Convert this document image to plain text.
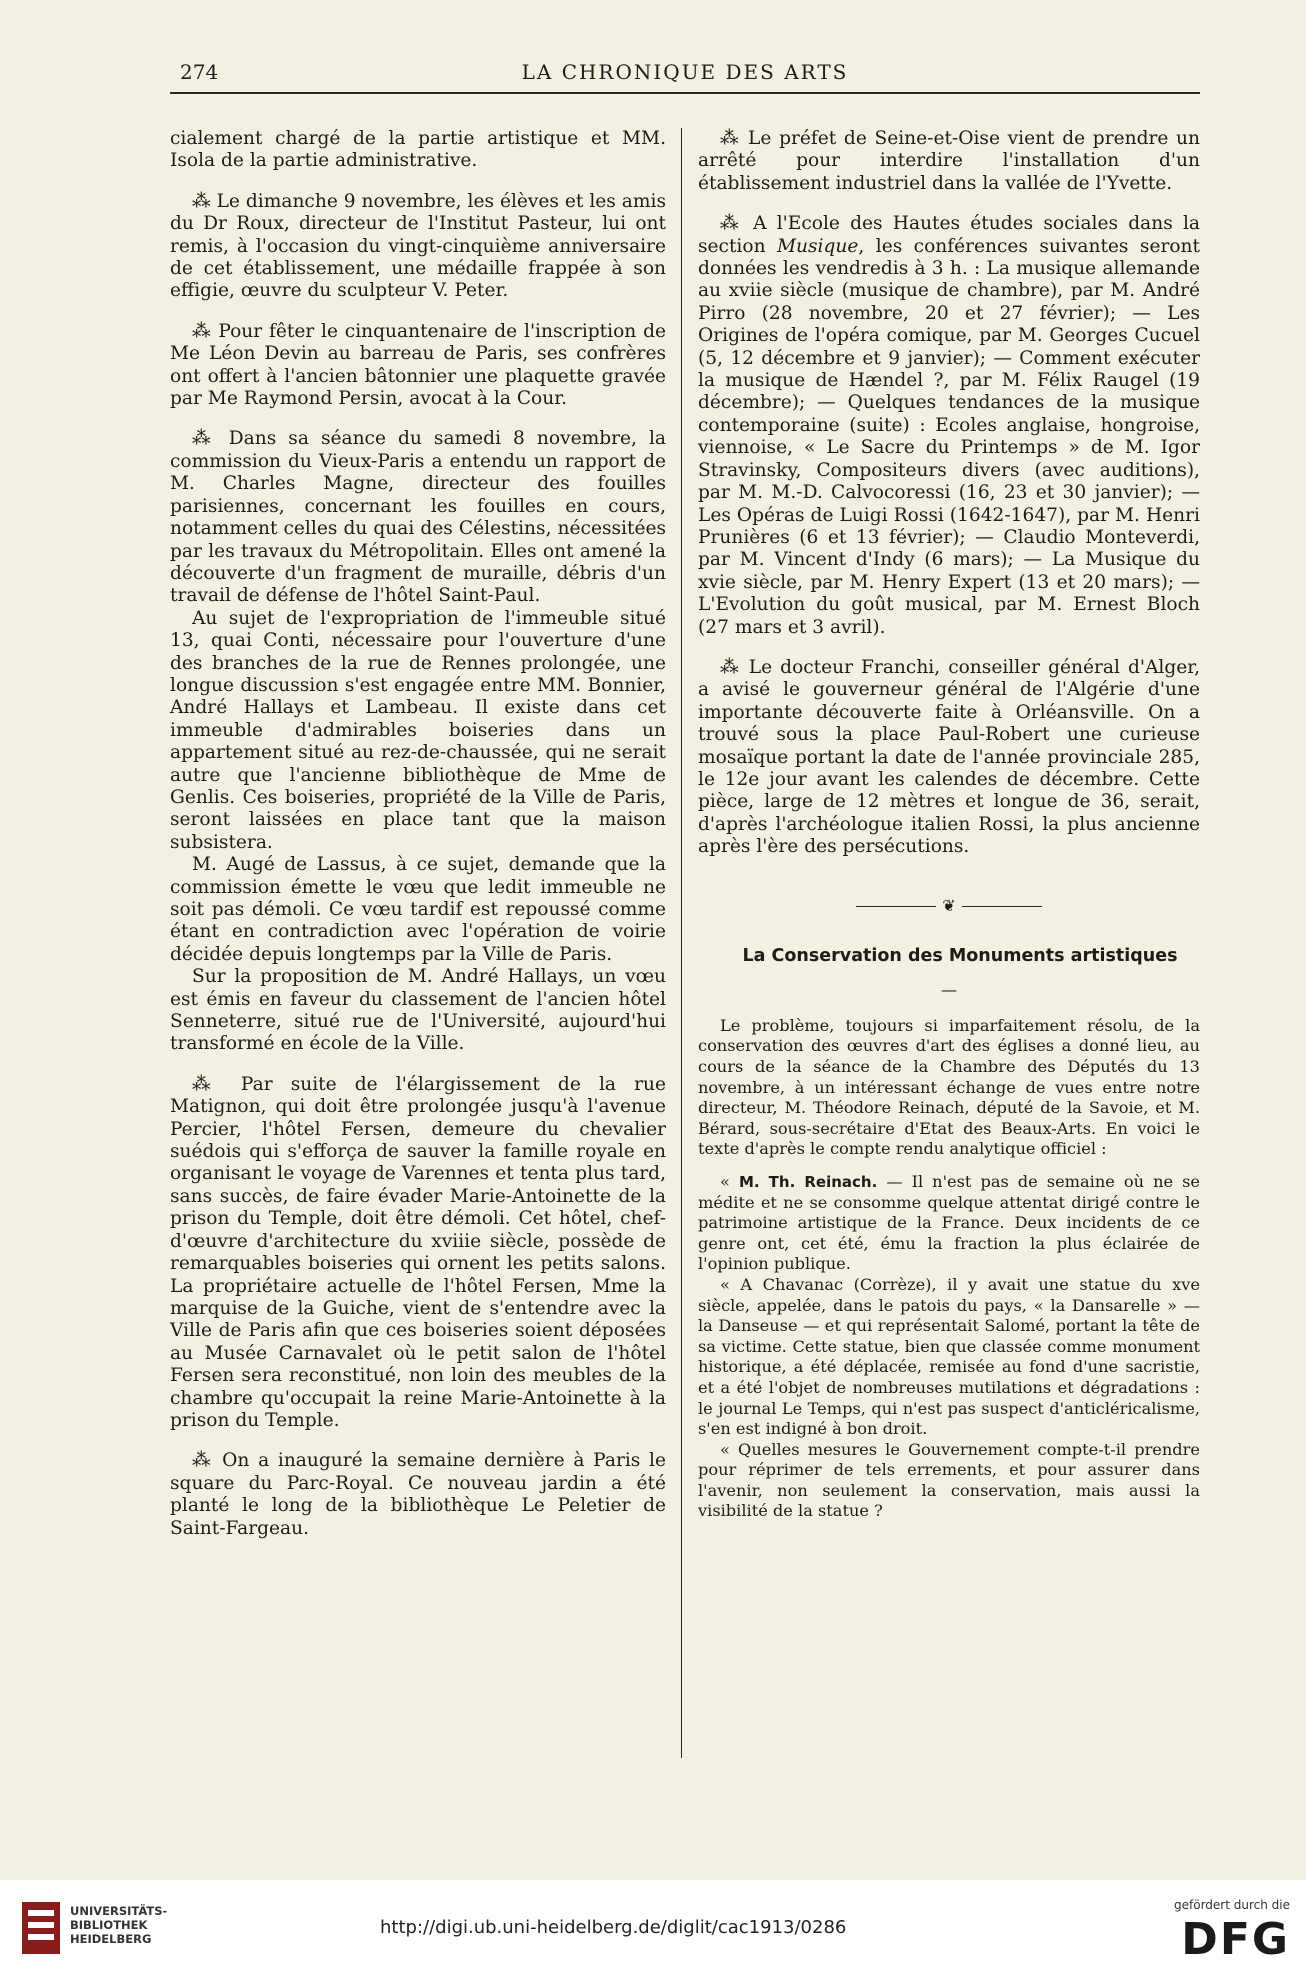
274	LA CHRONIQUE DES ARTS

cialement chargé de la partie artistique et MM. Isola de la partie administrative.

⁂ Le dimanche 9 novembre, les élèves et les amis du Dr Roux, directeur de l'Institut Pasteur, lui ont remis, à l'occasion du vingt-cinquième anniversaire de cet établissement, une médaille frappée à son effigie, œuvre du sculpteur V. Peter.

⁂ Pour fêter le cinquantenaire de l'inscription de Me Léon Devin au barreau de Paris, ses confrères ont offert à l'ancien bâtonnier une plaquette gravée par Me Raymond Persin, avocat à la Cour.

⁂ Dans sa séance du samedi 8 novembre, la commission du Vieux-Paris a entendu un rapport de M. Charles Magne, directeur des fouilles parisiennes, concernant les fouilles en cours, notamment celles du quai des Célestins, nécessitées par les travaux du Métropolitain. Elles ont amené la découverte d'un fragment de muraille, débris d'un travail de défense de l'hôtel Saint-Paul.

Au sujet de l'expropriation de l'immeuble situé 13, quai Conti, nécessaire pour l'ouverture d'une des branches de la rue de Rennes prolongée, une longue discussion s'est engagée entre MM. Bonnier, André Hallays et Lambeau. Il existe dans cet immeuble d'admirables boiseries dans un appartement situé au rez-de-chaussée, qui ne serait autre que l'ancienne bibliothèque de Mme de Genlis. Ces boiseries, propriété de la Ville de Paris, seront laissées en place tant que la maison subsistera.

M. Augé de Lassus, à ce sujet, demande que la commission émette le vœu que ledit immeuble ne soit pas démoli. Ce vœu tardif est repoussé comme étant en contradiction avec l'opération de voirie décidée depuis longtemps par la Ville de Paris.

Sur la proposition de M. André Hallays, un vœu est émis en faveur du classement de l'ancien hôtel Senneterre, situé rue de l'Université, aujourd'hui transformé en école de la Ville.

⁂ Par suite de l'élargissement de la rue Matignon, qui doit être prolongée jusqu'à l'avenue Percier, l'hôtel Fersen, demeure du chevalier suédois qui s'efforça de sauver la famille royale en organisant le voyage de Varennes et tenta plus tard, sans succès, de faire évader Marie-Antoinette de la prison du Temple, doit être démoli. Cet hôtel, chef-d'œuvre d'architecture du xviiie siècle, possède de remarquables boiseries qui ornent les petits salons. La propriétaire actuelle de l'hôtel Fersen, Mme la marquise de la Guiche, vient de s'entendre avec la Ville de Paris afin que ces boiseries soient déposées au Musée Carnavalet où le petit salon de l'hôtel Fersen sera reconstitué, non loin des meubles de la chambre qu'occupait la reine Marie-Antoinette à la prison du Temple.

⁂ On a inauguré la semaine dernière à Paris le square du Parc-Royal. Ce nouveau jardin a été planté le long de la bibliothèque Le Peletier de Saint-Fargeau.

⁂ Le préfet de Seine-et-Oise vient de prendre un arrêté pour interdire l'installation d'un établissement industriel dans la vallée de l'Yvette.

⁂ A l'Ecole des Hautes études sociales dans la section Musique, les conférences suivantes seront données les vendredis à 3 h. : La musique allemande au xviie siècle (musique de chambre), par M. André Pirro (28 novembre, 20 et 27 février); — Les Origines de l'opéra comique, par M. Georges Cucuel (5, 12 décembre et 9 janvier); — Comment exécuter la musique de Hændel ?, par M. Félix Raugel (19 décembre); — Quelques tendances de la musique contemporaine (suite) : Ecoles anglaise, hongroise, viennoise, « Le Sacre du Printemps » de M. Igor Stravinsky, Compositeurs divers (avec auditions), par M. M.-D. Calvocoressi (16, 23 et 30 janvier); — Les Opéras de Luigi Rossi (1642-1647), par M. Henri Prunières (6 et 13 février); — Claudio Monteverdi, par M. Vincent d'Indy (6 mars); — La Musique du xvie siècle, par M. Henry Expert (13 et 20 mars); — L'Evolution du goût musical, par M. Ernest Bloch (27 mars et 3 avril).

⁂ Le docteur Franchi, conseiller général d'Alger, a avisé le gouverneur général de l'Algérie d'une importante découverte faite à Orléansville. On a trouvé sous la place Paul-Robert une curieuse mosaïque portant la date de l'année provinciale 285, le 12e jour avant les calendes de décembre. Cette pièce, large de 12 mètres et longue de 36, serait, d'après l'archéologue italien Rossi, la plus ancienne après l'ère des persécutions.

❦

La Conservation des Monuments artistiques

—

Le problème, toujours si imparfaitement résolu, de la conservation des œuvres d'art des églises a donné lieu, au cours de la séance de la Chambre des Députés du 13 novembre, à un intéressant échange de vues entre notre directeur, M. Théodore Reinach, député de la Savoie, et M. Bérard, sous-secrétaire d'Etat des Beaux-Arts. En voici le texte d'après le compte rendu analytique officiel :

« M. Th. Reinach. — Il n'est pas de semaine où ne se médite et ne se consomme quelque attentat dirigé contre le patrimoine artistique de la France. Deux incidents de ce genre ont, cet été, ému la fraction la plus éclairée de l'opinion publique.

« A Chavanac (Corrèze), il y avait une statue du xve siècle, appelée, dans le patois du pays, « la Dansarelle » — la Danseuse — et qui représentait Salomé, portant la tête de sa victime. Cette statue, bien que classée comme monument historique, a été déplacée, remisée au fond d'une sacristie, et a été l'objet de nombreuses mutilations et dégradations : le journal Le Temps, qui n'est pas suspect d'anticléricalisme, s'en est indigné à bon droit.

« Quelles mesures le Gouvernement compte-t-il prendre pour réprimer de tels errements, et pour assurer dans l'avenir, non seulement la conservation, mais aussi la visibilité de la statue ?

UNIVERSITÄTS-
BIBLIOTHEK
HEIDELBERG
http://digi.ub.uni-heidelberg.de/diglit/cac1913/0286
gefördert durch die
DFG
